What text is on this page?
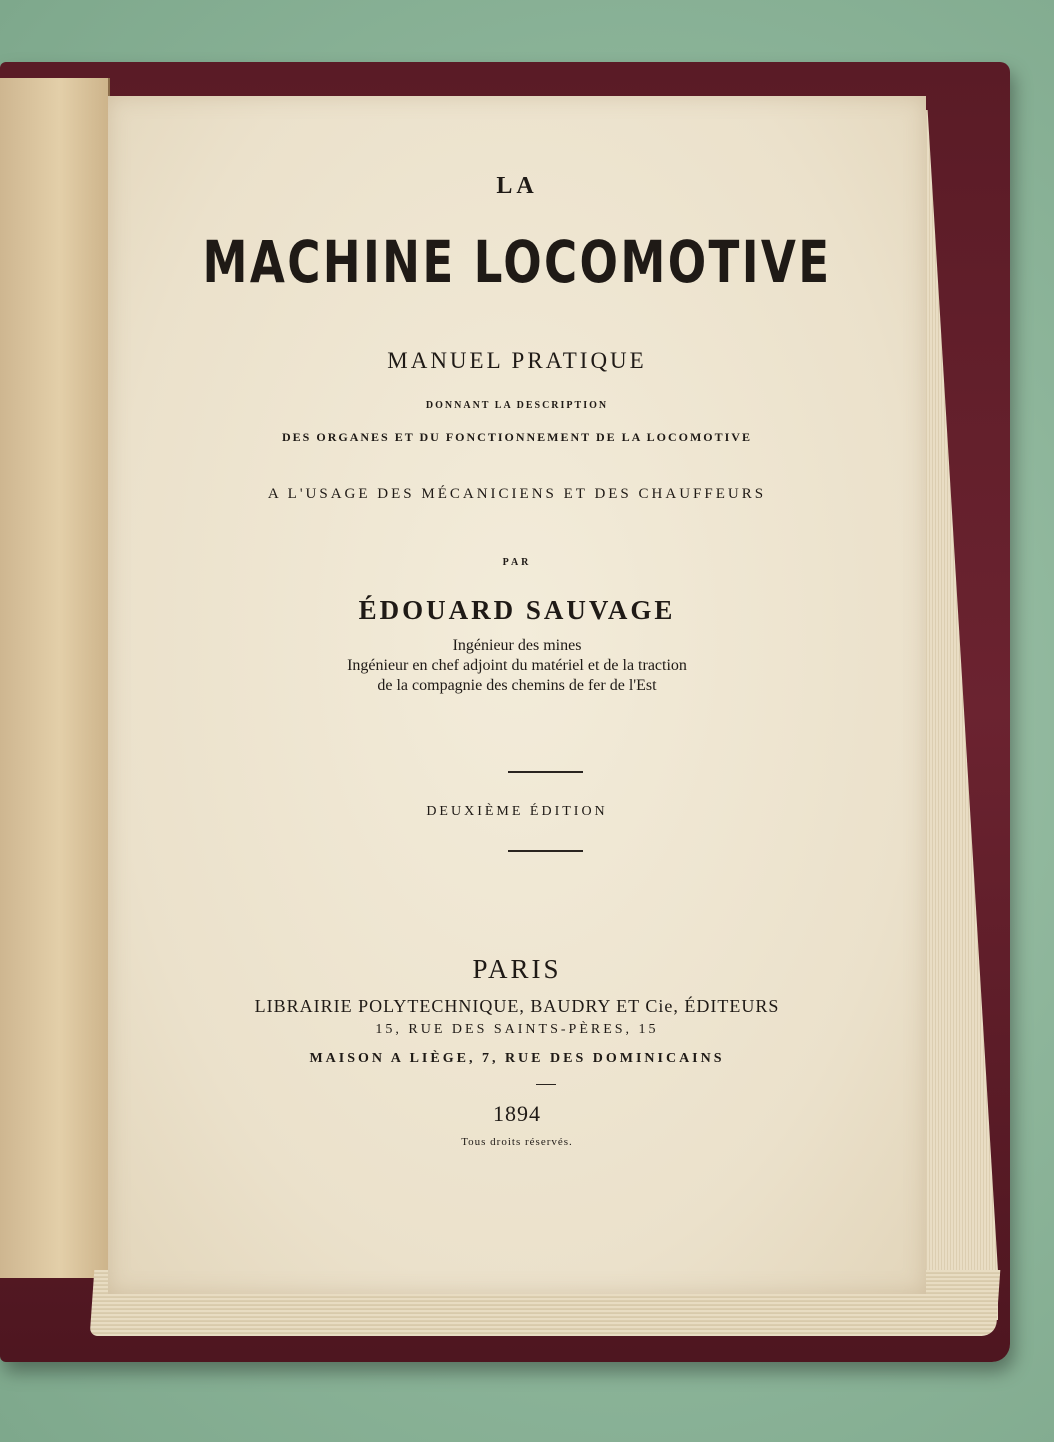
LA
MACHINE LOCOMOTIVE
MANUEL PRATIQUE
DONNANT LA DESCRIPTION
DES ORGANES ET DU FONCTIONNEMENT DE LA LOCOMOTIVE
A L'USAGE DES MÉCANICIENS ET DES CHAUFFEURS
PAR
ÉDOUARD SAUVAGE
Ingénieur des mines
Ingénieur en chef adjoint du matériel et de la traction
de la compagnie des chemins de fer de l'Est
DEUXIÈME ÉDITION
PARIS
LIBRAIRIE POLYTECHNIQUE, BAUDRY ET Cie, ÉDITEURS
15, RUE DES SAINTS-PÈRES, 15
MAISON A LIÈGE, 7, RUE DES DOMINICAINS
1894
Tous droits réservés.
